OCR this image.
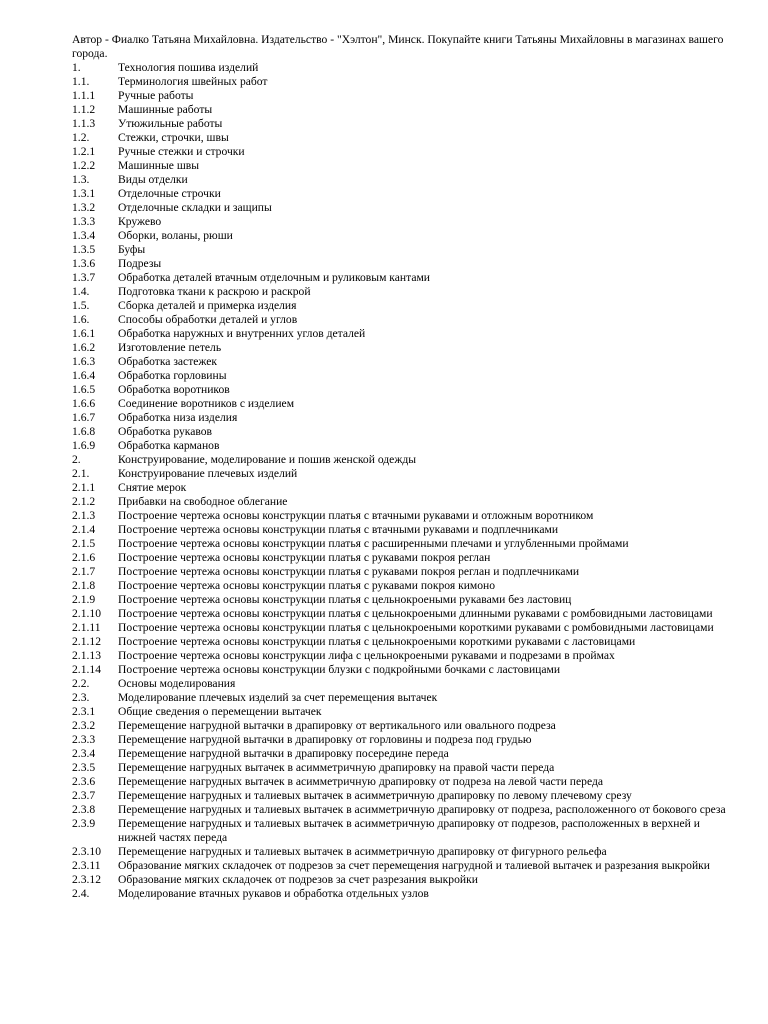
Автор - Фиалко Татьяна Михайловна. Издательство - "Хэлтон", Минск. Покупайте книги Татьяны Михайловны в магазинах вашего города.
1.	Технология пошива изделий
1.1.	Терминология швейных работ
1.1.1	Ручные работы
1.1.2	Машинные работы
1.1.3	Утюжильные работы
1.2.	Стежки, строчки, швы
1.2.1	Ручные стежки и строчки
1.2.2	Машинные швы
1.3.	Виды отделки
1.3.1	Отделочные строчки
1.3.2	Отделочные складки и защипы
1.3.3	Кружево
1.3.4	Оборки, воланы, рюши
1.3.5	Буфы
1.3.6	Подрезы
1.3.7	Обработка деталей втачным отделочным и руликовым кантами
1.4.	Подготовка ткани к раскрою и раскрой
1.5.	Сборка деталей и примерка изделия
1.6.	Способы обработки деталей и углов
1.6.1	Обработка наружных и внутренних углов деталей
1.6.2	Изготовление петель
1.6.3	Обработка застежек
1.6.4	Обработка горловины
1.6.5	Обработка воротников
1.6.6	Соединение воротников с изделием
1.6.7	Обработка низа изделия
1.6.8	Обработка рукавов
1.6.9	Обработка карманов
2.	Конструирование, моделирование и пошив женской одежды
2.1.	Конструирование плечевых изделий
2.1.1	Снятие мерок
2.1.2	Прибавки на свободное облегание
2.1.3	Построение чертежа основы конструкции платья с втачными рукавами и отложным воротником
2.1.4	Построение чертежа основы конструкции платья с втачными рукавами и подплечниками
2.1.5	Построение чертежа основы конструкции платья с расширенными плечами и углубленными проймами
2.1.6	Построение чертежа основы конструкции платья с рукавами покроя реглан
2.1.7	Построение чертежа основы конструкции платья с рукавами покроя реглан и подплечниками
2.1.8	Построение чертежа основы конструкции платья с рукавами покроя кимоно
2.1.9	Построение чертежа основы конструкции платья с цельнокроеными рукавами без ластовиц
2.1.10	Построение чертежа основы конструкции платья с цельнокроеными длинными рукавами с ромбовидными ластовицами
2.1.11	Построение чертежа основы конструкции платья с цельнокроеными короткими рукавами с ромбовидными ластовицами
2.1.12	Построение чертежа основы конструкции платья с цельнокроеными короткими рукавами с ластовицами
2.1.13	Построение чертежа основы конструкции лифа с цельнокроеными рукавами и подрезами в проймах
2.1.14	Построение чертежа основы конструкции блузки с подкройными бочками с ластовицами
2.2.	Основы моделирования
2.3.	Моделирование плечевых изделий за счет перемещения вытачек
2.3.1	Общие сведения о перемещении вытачек
2.3.2	Перемещение нагрудной вытачки в драпировку от вертикального или овального подреза
2.3.3	Перемещение нагрудной вытачки в драпировку от горловины и подреза под грудью
2.3.4	Перемещение нагрудной вытачки в драпировку посередине переда
2.3.5	Перемещение нагрудных вытачек в асимметричную драпировку на правой части переда
2.3.6	Перемещение нагрудных вытачек в асимметричную драпировку от подреза на левой части переда
2.3.7	Перемещение нагрудных и талиевых вытачек в асимметричную драпировку по левому плечевому срезу
2.3.8	Перемещение нагрудных и талиевых вытачек в асимметричную драпировку от подреза, расположенного от бокового среза
2.3.9	Перемещение нагрудных и талиевых вытачек в асимметричную драпировку от подрезов, расположенных в верхней и нижней частях переда
2.3.10	Перемещение нагрудных и талиевых вытачек в асимметричную драпировку от фигурного рельефа
2.3.11	Образование мягких складочек от подрезов за счет перемещения нагрудной и талиевой вытачек и разрезания выкройки
2.3.12	Образование мягких складочек от подрезов за счет разрезания выкройки
2.4.	Моделирование втачных рукавов и обработка отдельных узлов
